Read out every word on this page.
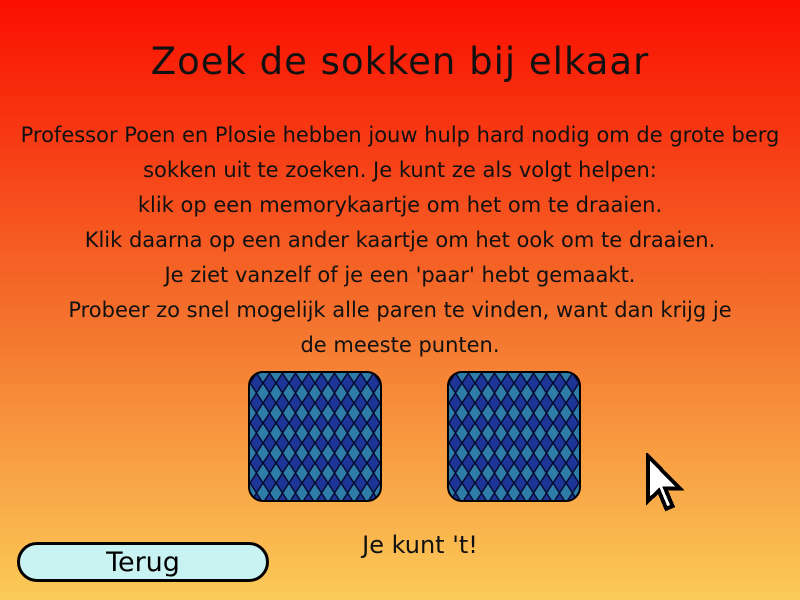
Zoek de sokken bij elkaar
Professor Poen en Plosie hebben jouw hulp hard nodig om de grote berg
sokken uit te zoeken. Je kunt ze als volgt helpen:
klik op een memorykaartje om het om te draaien.
Klik daarna op een ander kaartje om het ook om te draaien.
Je ziet vanzelf of je een 'paar' hebt gemaakt.
Probeer zo snel mogelijk alle paren te vinden, want dan krijg je
de meeste punten.
Je kunt 't!
Terug
